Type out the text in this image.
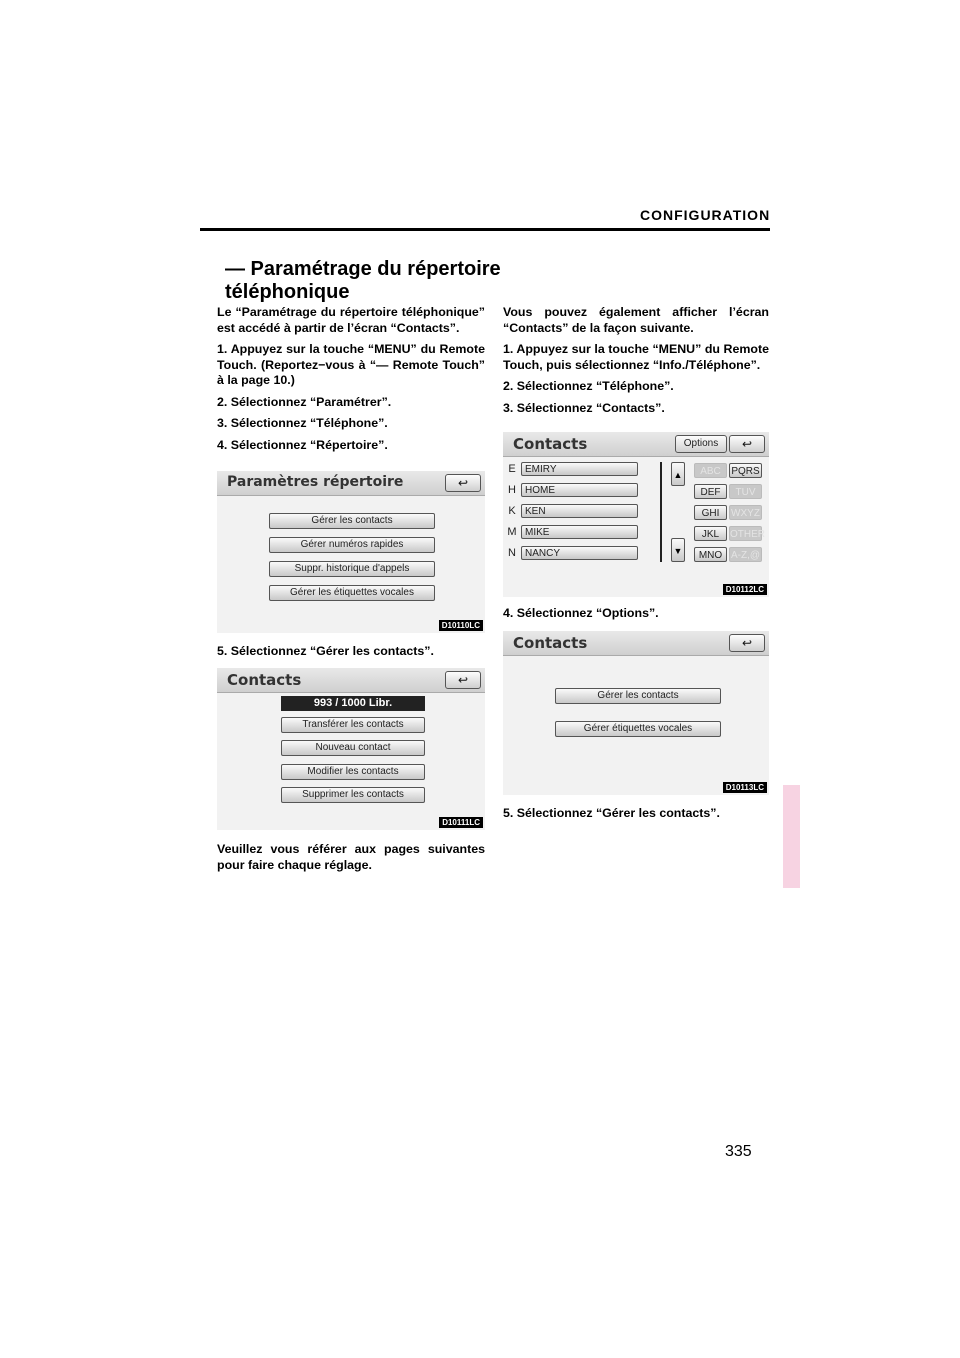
CONFIGURATION
— Paramétrage du répertoire téléphonique

Le “Paramétrage du répertoire téléphonique” est accédé à partir de l’écran “Contacts”.

1. Appuyez sur la touche “MENU” du Remote Touch. (Reportez−vous à “— Remote Touch” à la page 10.)

2. Sélectionnez “Paramétrer”.

3. Sélectionnez “Téléphone”.

4. Sélectionnez “Répertoire”.

Paramètres répertoire	↩
Gérer les contacts
Gérer numéros rapides
Suppr. historique d'appels
Gérer les étiquettes vocales
D10110LC
5. Sélectionnez “Gérer les contacts”.
Contacts	↩
993 / 1000 Libr.
Transférer les contacts
Nouveau contact
Modifier les contacts
Supprimer les contacts
D10111LC

Veuillez vous référer aux pages suivantes pour faire chaque réglage.

Vous pouvez également afficher l’écran “Contacts” de la façon suivante.

1. Appuyez sur la touche “MENU” du Remote Touch, puis sélectionnez “Info./Téléphone”.

2. Sélectionnez “Téléphone”.

3. Sélectionnez “Contacts”.

Contacts	Options	↩
E
H
K
M
N
EMIRY
HOME
KEN
MIKE
NANCY
▲
▼
ABC
DEF
GHI
JKL
MNO
PQRS
TUV
WXYZ
OTHER
A-Z,@
D10112LC
4. Sélectionnez “Options”.
Contacts	↩
Gérer les contacts
Gérer étiquettes vocales
D10113LC
5. Sélectionnez “Gérer les contacts”.
335
